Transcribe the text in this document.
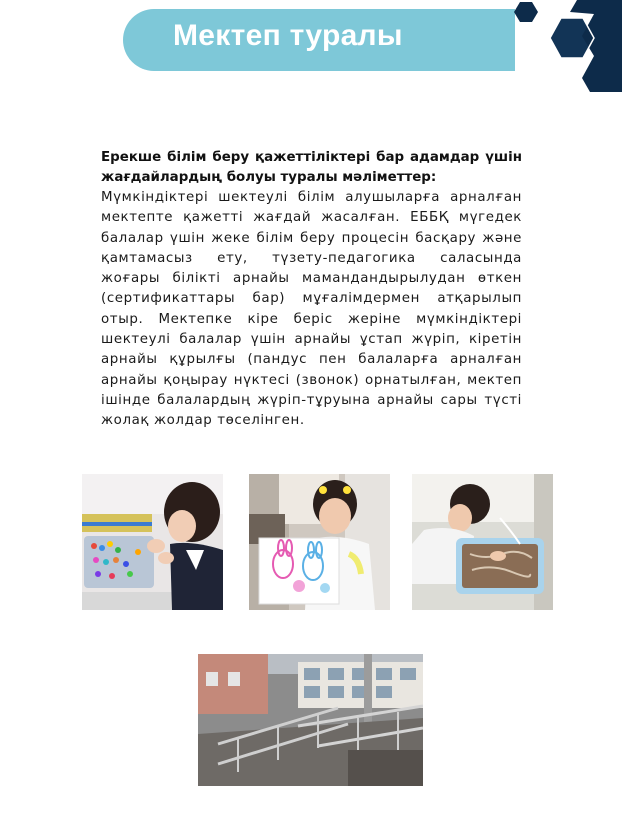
Мектеп туралы

Ерекше білім беру қажеттіліктері бар адамдар үшін жағдайлардың болуы туралы мәліметтер:

Мүмкіндіктері шектеулі білім алушыларға арналған мектепте қажетті жағдай жасалған. ЕББҚ мүгедек балалар үшін жеке білім беру процесін басқару және қамтамасыз ету, түзету-педагогика саласында жоғары білікті арнайы мамандандырылудан өткен (сертификаттары бар) мұғалімдермен атқарылып отыр. Мектепке кіре беріс жеріне мүмкіндіктері шектеулі балалар үшін арнайы ұстап жүріп, кіретін арнайы құрылғы (пандус пен балаларға арналған арнайы қоңырау нүктесі (звонок) орнатылған, мектеп ішінде балалардың жүріп-тұруына арнайы сары түсті жолақ жолдар төселінген.
